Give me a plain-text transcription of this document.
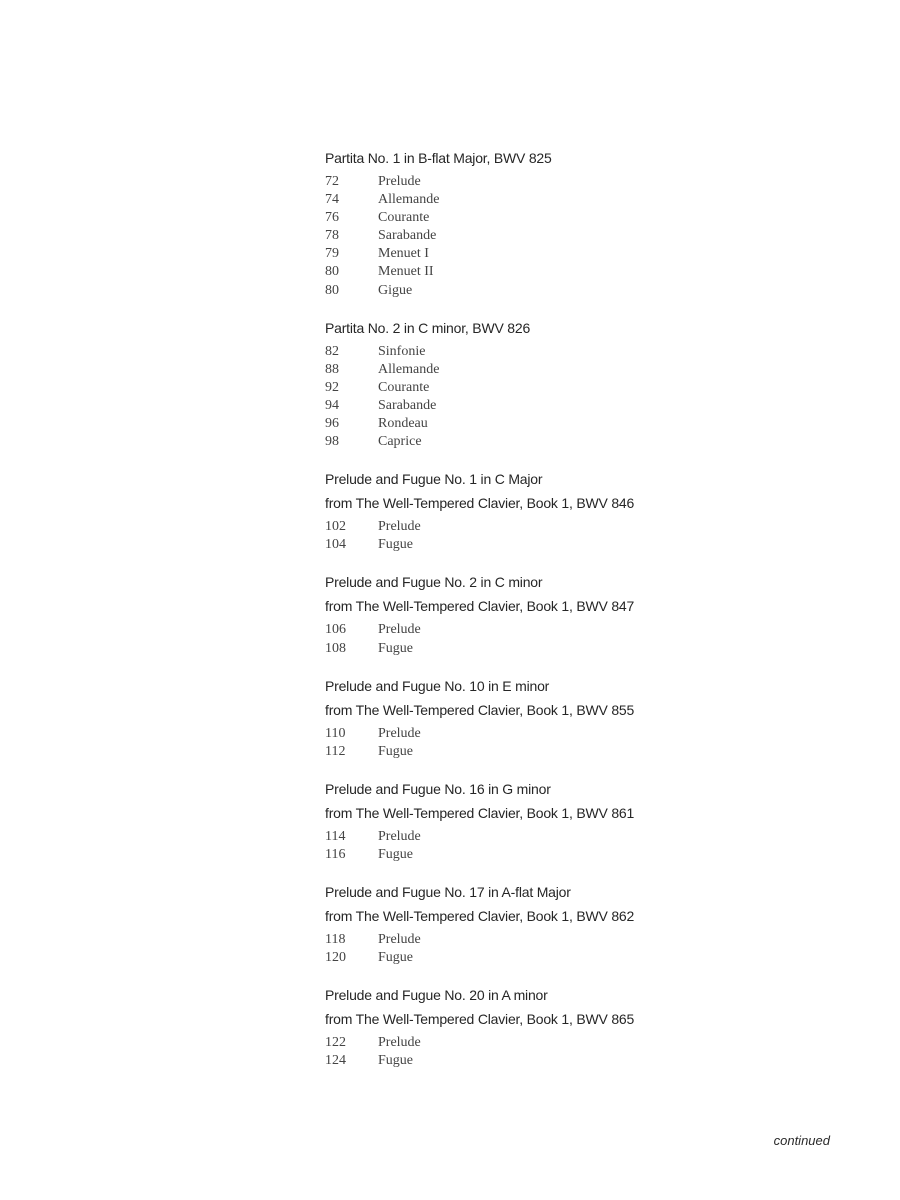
Partita No. 1 in B-flat Major, BWV 825
72	Prelude
74	Allemande
76	Courante
78	Sarabande
79	Menuet I
80	Menuet II
80	Gigue
Partita No. 2 in C minor, BWV 826
82	Sinfonie
88	Allemande
92	Courante
94	Sarabande
96	Rondeau
98	Caprice
Prelude and Fugue No. 1 in C Major
from The Well-Tempered Clavier, Book 1, BWV 846
102	Prelude
104	Fugue
Prelude and Fugue No. 2 in C minor
from The Well-Tempered Clavier, Book 1, BWV 847
106	Prelude
108	Fugue
Prelude and Fugue No. 10 in E minor
from The Well-Tempered Clavier, Book 1, BWV 855
110	Prelude
112	Fugue
Prelude and Fugue No. 16 in G minor
from The Well-Tempered Clavier, Book 1, BWV 861
114	Prelude
116	Fugue
Prelude and Fugue No. 17 in A-flat Major
from The Well-Tempered Clavier, Book 1, BWV 862
118	Prelude
120	Fugue
Prelude and Fugue No. 20 in A minor
from The Well-Tempered Clavier, Book 1, BWV 865
122	Prelude
124	Fugue
continued
